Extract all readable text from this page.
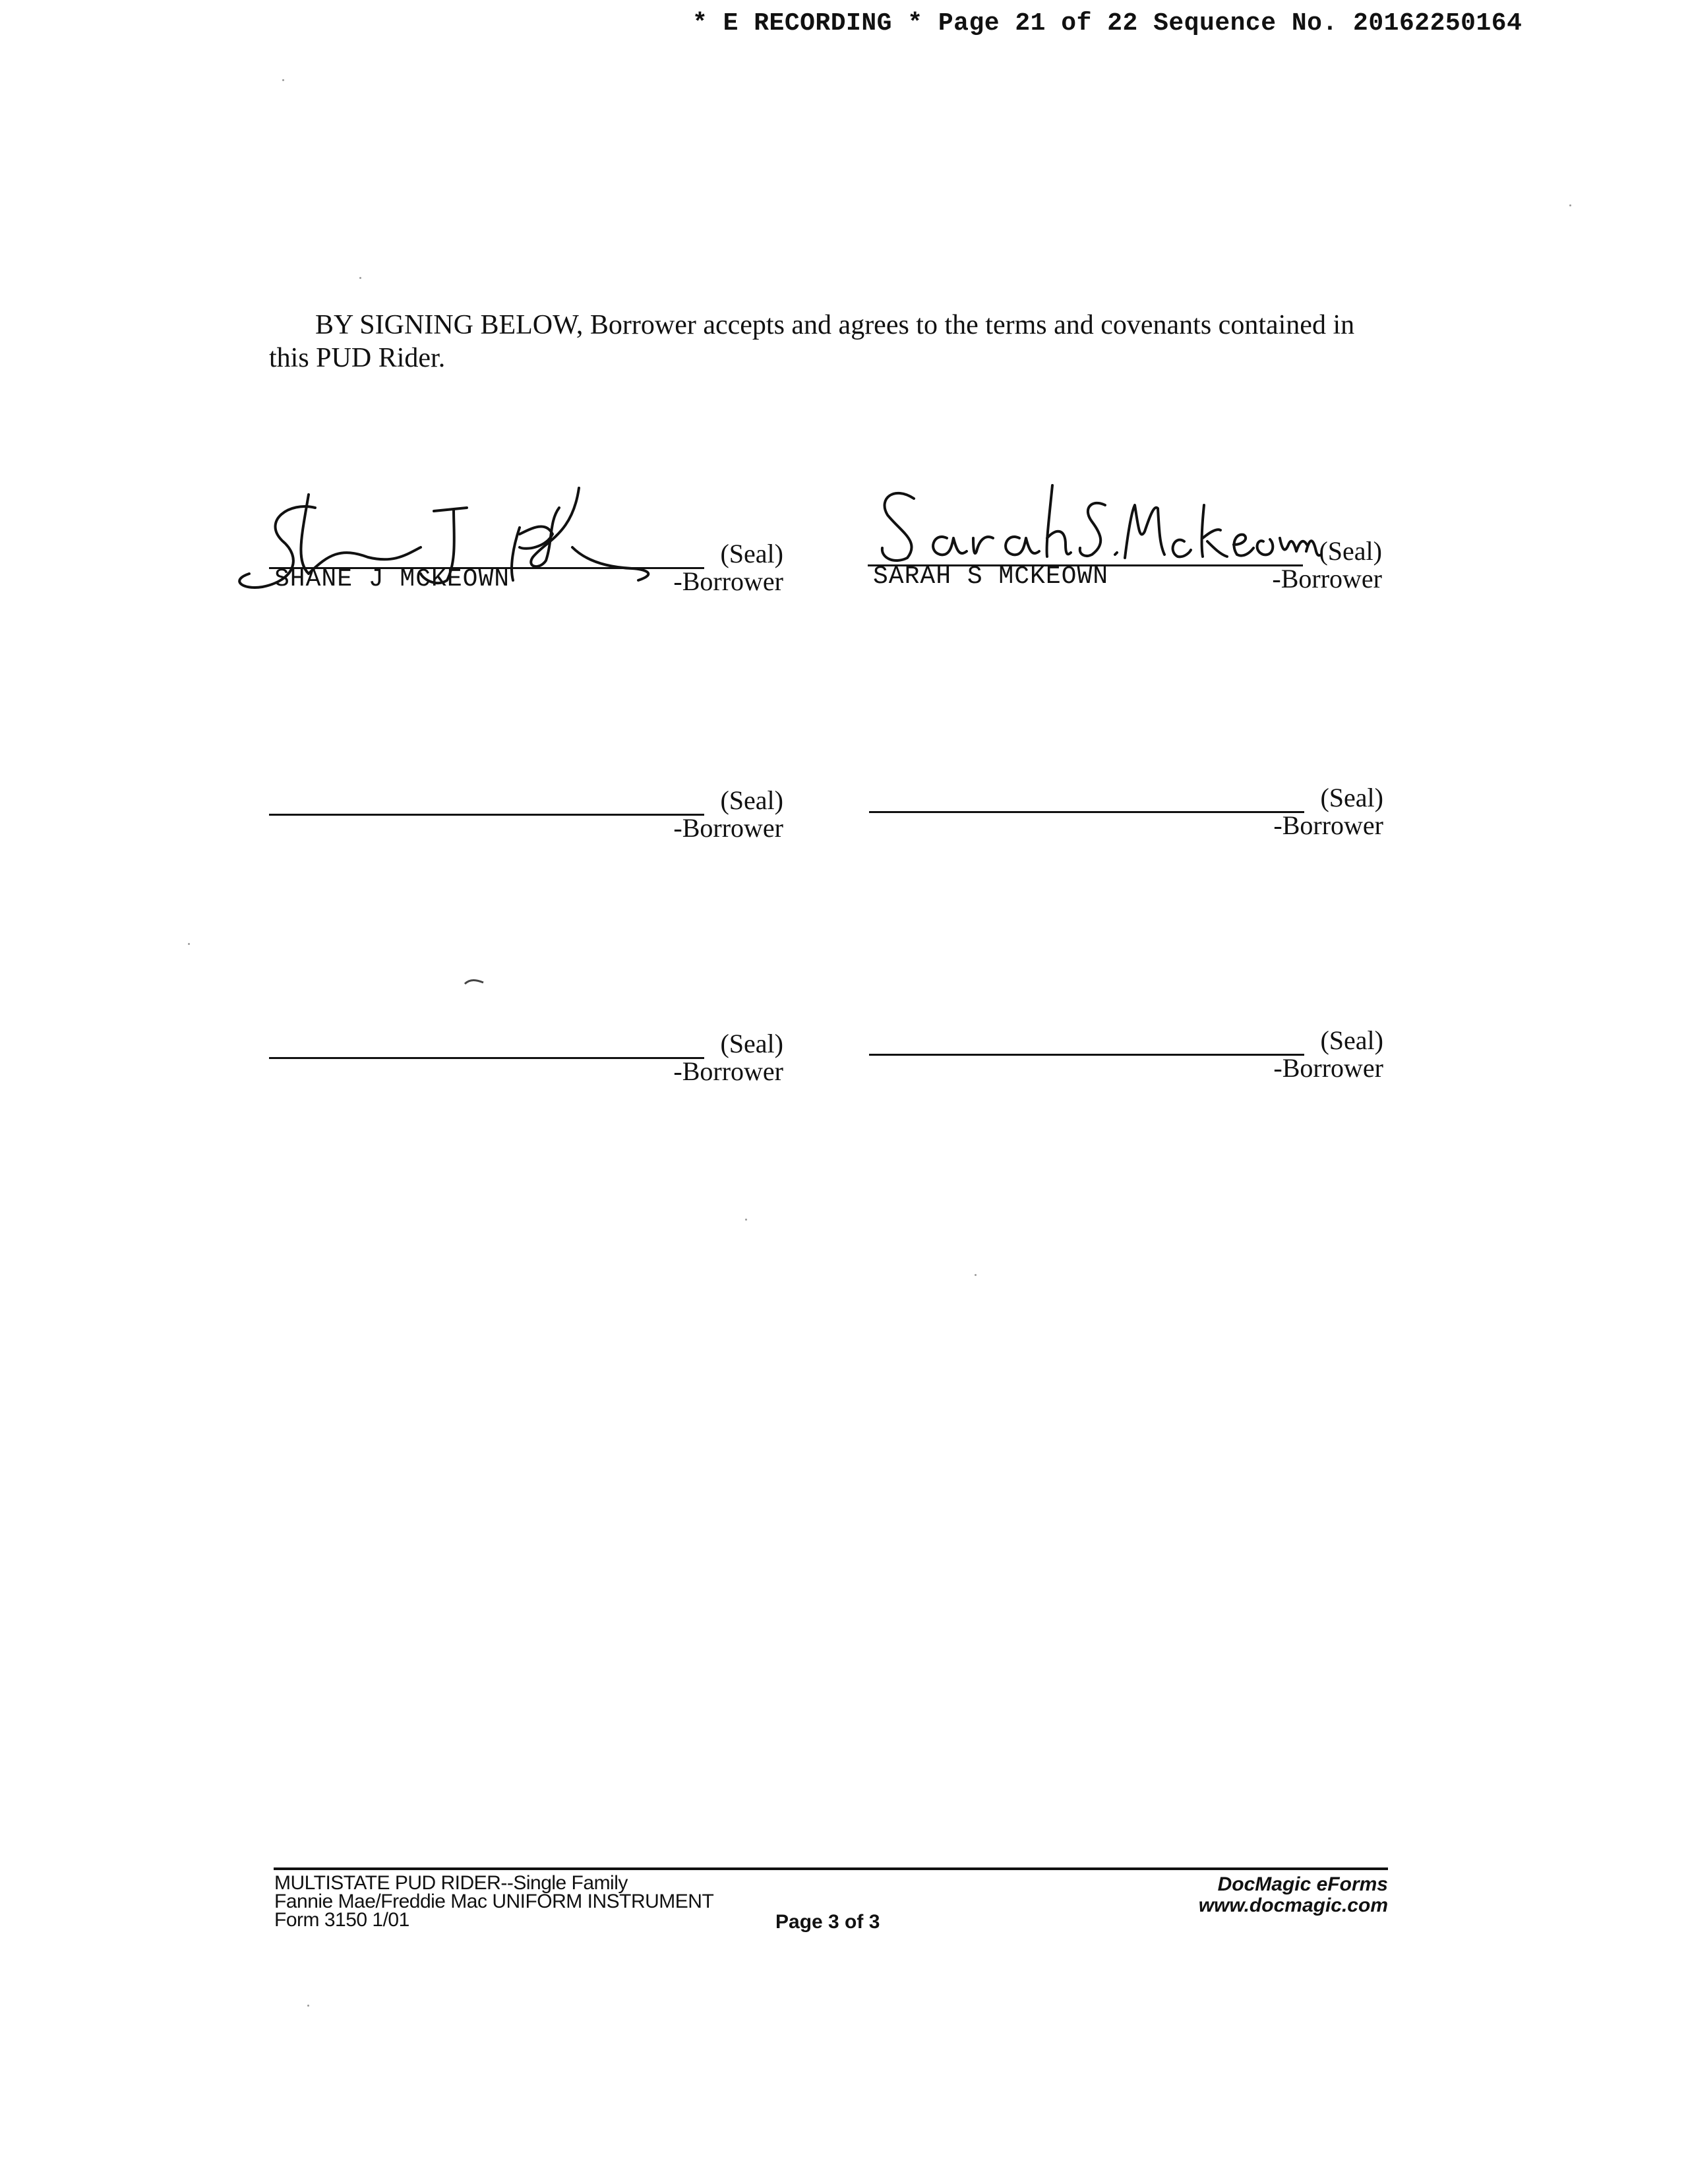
* E RECORDING * Page 21 of 22 Sequence No. 20162250164
BY SIGNING BELOW, Borrower accepts and agrees to the terms and covenants contained in this PUD Rider.
(Seal)
-Borrower
SHANE J MCKEOWN
(Seal)
-Borrower
SARAH S MCKEOWN
(Seal)
-Borrower
(Seal)
-Borrower
(Seal)
-Borrower
(Seal)
-Borrower
MULTISTATE PUD RIDER--Single Family
Fannie Mae/Freddie Mac UNIFORM INSTRUMENT
Form 3150 1/01	Page 3 of 3
DocMagic eForms
www.docmagic.com
